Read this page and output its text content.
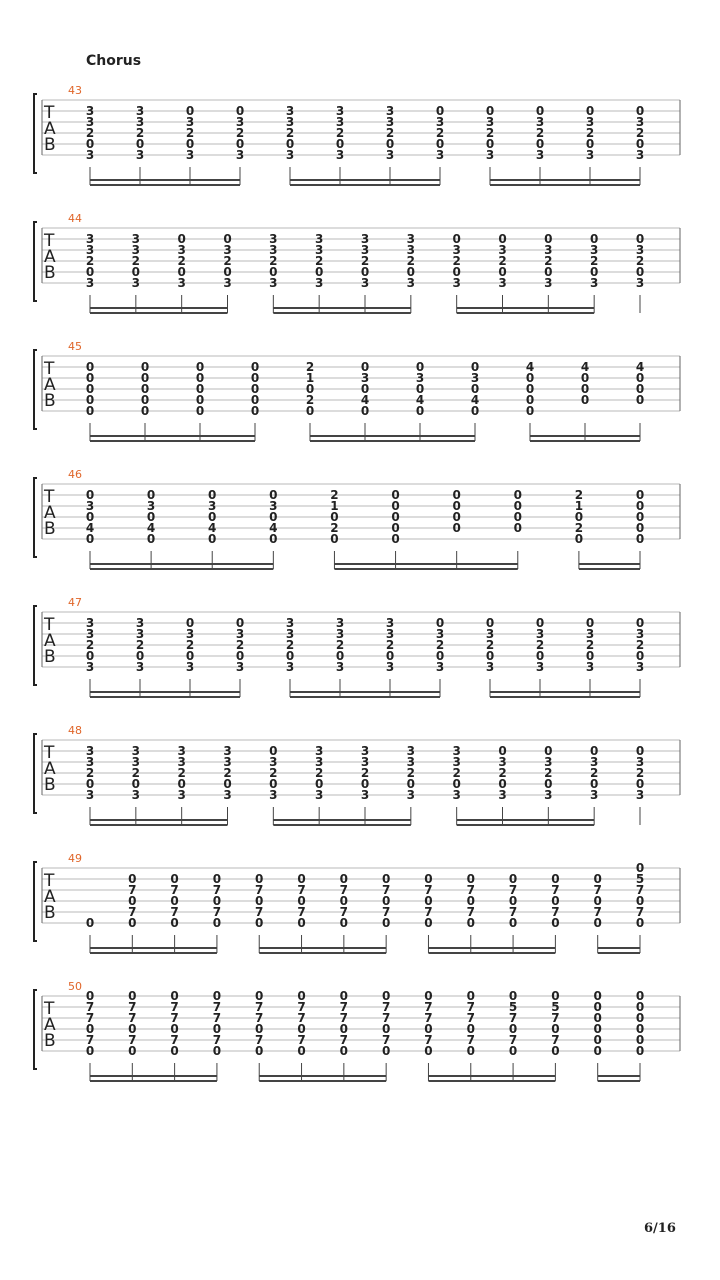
43
T
A
B
3
3
2
0
3
3
3
2
0
3
0
3
2
0
3
0
3
2
0
3
3
3
2
0
3
3
3
2
0
3
3
3
2
0
3
0
3
2
0
3
0
3
2
0
3
0
3
2
0
3
0
3
2
0
3
0
3
2
0
3
44
T
A
B
3
3
2
0
3
3
3
2
0
3
0
3
2
0
3
0
3
2
0
3
3
3
2
0
3
3
3
2
0
3
3
3
2
0
3
3
3
2
0
3
0
3
2
0
3
0
3
2
0
3
0
3
2
0
3
0
3
2
0
3
0
3
2
0
3
45
T
A
B
0
0
0
0
0
0
0
0
0
0
0
0
0
0
0
0
0
0
0
0
2
1
0
2
0
0
3
0
4
0
0
3
0
4
0
0
3
0
4
0
4
0
0
0
0
4
0
0
0
4
0
0
0
46
T
A
B
0
3
0
4
0
0
3
0
4
0
0
3
0
4
0
0
3
0
4
0
2
1
0
2
0
0
0
0
0
0
0
0
0
0
0
0
0
0
2
1
0
2
0
0
0
0
0
0
47
T
A
B
3
3
2
0
3
3
3
2
0
3
0
3
2
0
3
0
3
2
0
3
3
3
2
0
3
3
3
2
0
3
3
3
2
0
3
0
3
2
0
3
0
3
2
0
3
0
3
2
0
3
0
3
2
0
3
0
3
2
0
3
48
T
A
B
3
3
2
0
3
3
3
2
0
3
3
3
2
0
3
3
3
2
0
3
0
3
2
0
3
3
3
2
0
3
3
3
2
0
3
3
3
2
0
3
3
3
2
0
3
0
3
2
0
3
0
3
2
0
3
0
3
2
0
3
0
3
2
0
3
49
T
A
B	0
0
7
0
7
0
0
7
0
7
0
0
7
0
7
0
0
7
0
7
0
0
7
0
7
0
0
7
0
7
0
0
7
0
7
0
0
7
0
7
0
0
7
0
7
0
0
7
0
7
0
0
7
0
7
0
0
7
0
7
0
0
5
7
0
7
0
50
T
A
B
0
7
7
0
7
0
0
7
7
0
7
0
0
7
7
0
7
0
0
7
7
0
7
0
0
7
7
0
7
0
0
7
7
0
7
0
0
7
7
0
7
0
0
7
7
0
7
0
0
7
7
0
7
0
0
7
7
0
7
0
0
5
7
0
7
0
0
5
7
0
7
0
0
0
0
0
0
0
0
0
0
0
0
0
Chorus
6/16
